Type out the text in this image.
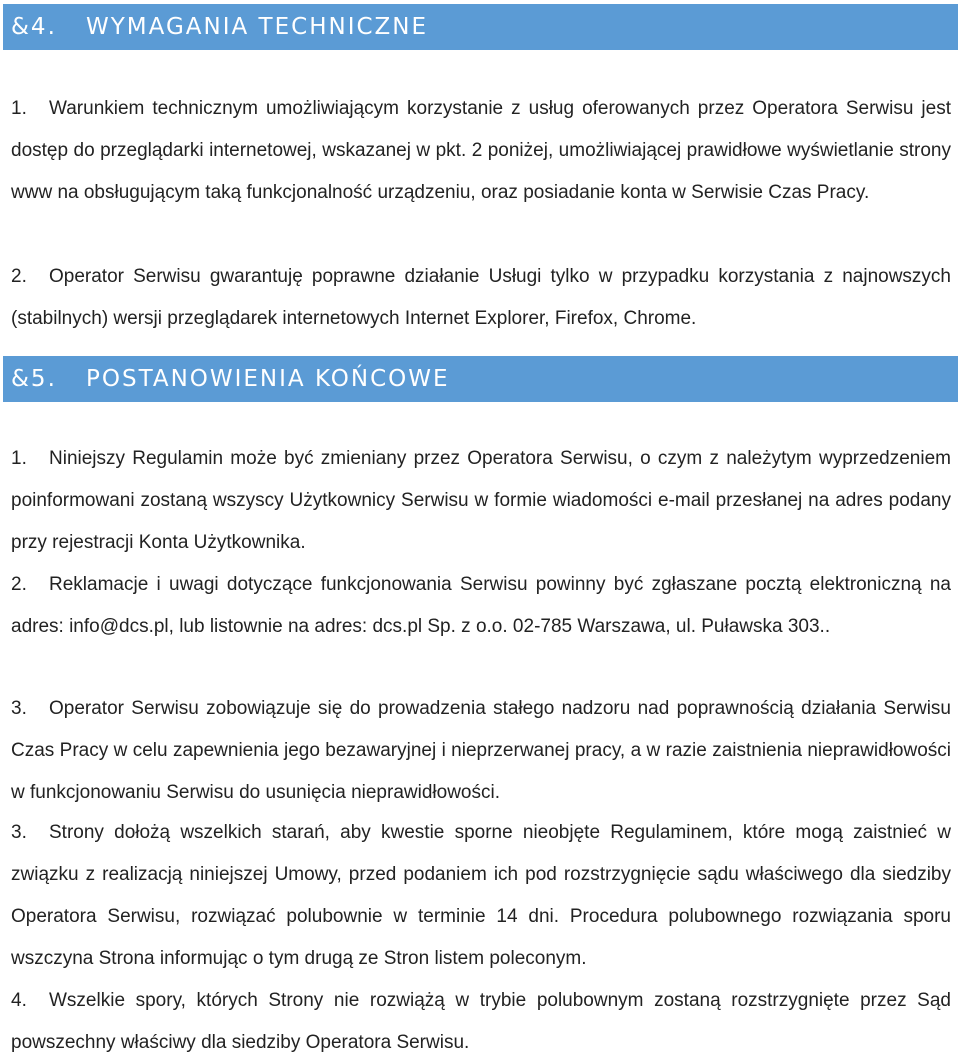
&4. WYMAGANIA TECHNICZNE
1. Warunkiem technicznym umożliwiającym korzystanie z usług oferowanych przez Operatora Serwisu jest dostęp do przeglądarki internetowej, wskazanej w pkt. 2 poniżej, umożliwiającej prawidłowe wyświetlanie strony www na obsługującym taką funkcjonalność urządzeniu, oraz posiadanie konta w Serwisie Czas Pracy.
2. Operator Serwisu gwarantuję poprawne działanie Usługi tylko w przypadku korzystania z najnowszych (stabilnych) wersji przeglądarek internetowych Internet Explorer, Firefox, Chrome.
&5. POSTANOWIENIA KOŃCOWE
1. Niniejszy Regulamin może być zmieniany przez Operatora Serwisu, o czym z należytym wyprzedzeniem poinformowani zostaną wszyscy Użytkownicy Serwisu w formie wiadomości e-mail przesłanej na adres podany przy rejestracji Konta Użytkownika.
2. Reklamacje i uwagi dotyczące funkcjonowania Serwisu powinny być zgłaszane pocztą elektroniczną na adres: info@dcs.pl, lub listownie na adres: dcs.pl Sp. z o.o. 02-785 Warszawa, ul. Puławska 303..
3. Operator Serwisu zobowiązuje się do prowadzenia stałego nadzoru nad poprawnością działania Serwisu Czas Pracy w celu zapewnienia jego bezawaryjnej i nieprzerwanej pracy, a w razie zaistnienia nieprawidłowości w funkcjonowaniu Serwisu do usunięcia nieprawidłowości.
3. Strony dołożą wszelkich starań, aby kwestie sporne nieobjęte Regulaminem, które mogą zaistnieć w związku z realizacją niniejszej Umowy, przed podaniem ich pod rozstrzygnięcie sądu właściwego dla siedziby Operatora Serwisu, rozwiązać polubownie w terminie 14 dni. Procedura polubownego rozwiązania sporu wszczyna Strona informując o tym drugą ze Stron listem poleconym.
4. Wszelkie spory, których Strony nie rozwiążą w trybie polubownym zostaną rozstrzygnięte przez Sąd powszechny właściwy dla siedziby Operatora Serwisu.
